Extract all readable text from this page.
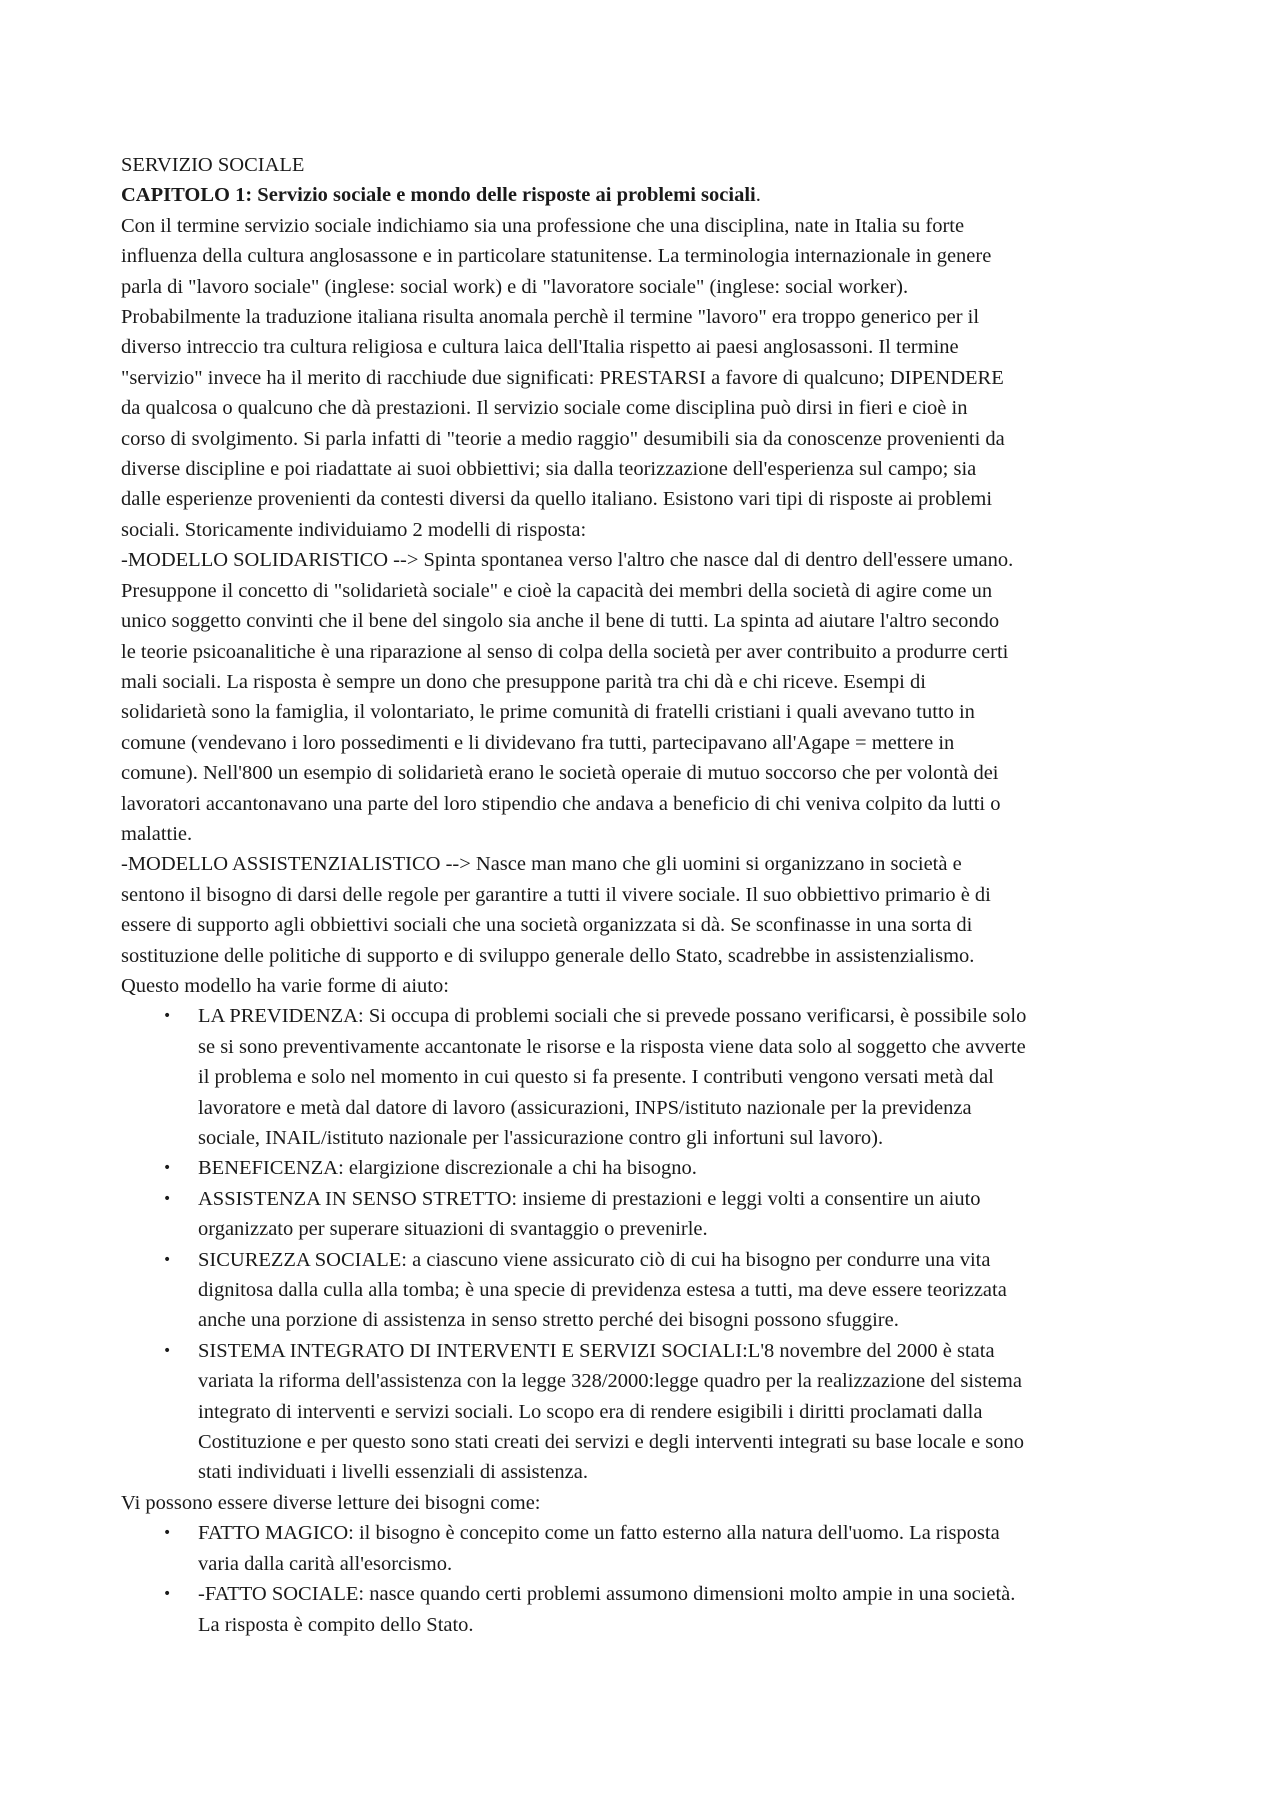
SERVIZIO SOCIALE
CAPITOLO 1: Servizio sociale e mondo delle risposte ai problemi sociali.
Con il termine servizio sociale indichiamo sia una professione che una disciplina, nate in Italia su forte
influenza della cultura anglosassone e in particolare statunitense. La terminologia internazionale in genere
parla di "lavoro sociale" (inglese: social work) e di "lavoratore sociale" (inglese: social worker).
Probabilmente la traduzione italiana risulta anomala perchè il termine "lavoro" era troppo generico per il
diverso intreccio tra cultura religiosa e cultura laica dell'Italia rispetto ai paesi anglosassoni. Il termine
"servizio" invece ha il merito di racchiude due significati: PRESTARSI a favore di qualcuno; DIPENDERE
da qualcosa o qualcuno che dà prestazioni. Il servizio sociale come disciplina può dirsi in fieri e cioè in
corso di svolgimento. Si parla infatti di "teorie a medio raggio" desumibili sia da conoscenze provenienti da
diverse discipline e poi riadattate ai suoi obbiettivi; sia dalla teorizzazione dell'esperienza sul campo; sia
dalle esperienze provenienti da contesti diversi da quello italiano. Esistono vari tipi di risposte ai problemi
sociali. Storicamente individuiamo 2 modelli di risposta:
-MODELLO SOLIDARISTICO --> Spinta spontanea verso l'altro che nasce dal di dentro dell'essere umano.
Presuppone il concetto di "solidarietà sociale" e cioè la capacità dei membri della società di agire come un
unico soggetto convinti che il bene del singolo sia anche il bene di tutti. La spinta ad aiutare l'altro secondo
le teorie psicoanalitiche è una riparazione al senso di colpa della società per aver contribuito a produrre certi
mali sociali. La risposta è sempre un dono che presuppone parità tra chi dà e chi riceve. Esempi di
solidarietà sono la famiglia, il volontariato, le prime comunità di fratelli cristiani i quali avevano tutto in
comune (vendevano i loro possedimenti e li dividevano fra tutti, partecipavano all'Agape = mettere in
comune). Nell'800 un esempio di solidarietà erano le società operaie di mutuo soccorso che per volontà dei
lavoratori accantonavano una parte del loro stipendio che andava a beneficio di chi veniva colpito da lutti o
malattie.
-MODELLO ASSISTENZIALISTICO --> Nasce man mano che gli uomini si organizzano in società e
sentono il bisogno di darsi delle regole per garantire a tutti il vivere sociale. Il suo obbiettivo primario è di
essere di supporto agli obbiettivi sociali che una società organizzata si dà. Se sconfinasse in una sorta di
sostituzione delle politiche di supporto e di sviluppo generale dello Stato, scadrebbe in assistenzialismo.
Questo modello ha varie forme di aiuto:
• LA PREVIDENZA: Si occupa di problemi sociali che si prevede possano verificarsi, è possibile solo
se si sono preventivamente accantonate le risorse e la risposta viene data solo al soggetto che avverte
il problema e solo nel momento in cui questo si fa presente. I contributi vengono versati metà dal
lavoratore e metà dal datore di lavoro (assicurazioni, INPS/istituto nazionale per la previdenza
sociale, INAIL/istituto nazionale per l'assicurazione contro gli infortuni sul lavoro).
• BENEFICENZA: elargizione discrezionale a chi ha bisogno.
• ASSISTENZA IN SENSO STRETTO: insieme di prestazioni e leggi volti a consentire un aiuto
organizzato per superare situazioni di svantaggio o prevenirle.
• SICUREZZA SOCIALE: a ciascuno viene assicurato ciò di cui ha bisogno per condurre una vita
dignitosa dalla culla alla tomba; è una specie di previdenza estesa a tutti, ma deve essere teorizzata
anche una porzione di assistenza in senso stretto perché dei bisogni possono sfuggire.
• SISTEMA INTEGRATO DI INTERVENTI E SERVIZI SOCIALI:L'8 novembre del 2000 è stata
variata la riforma dell'assistenza con la legge 328/2000:legge quadro per la realizzazione del sistema
integrato di interventi e servizi sociali. Lo scopo era di rendere esigibili i diritti proclamati dalla
Costituzione e per questo sono stati creati dei servizi e degli interventi integrati su base locale e sono
stati individuati i livelli essenziali di assistenza.
Vi possono essere diverse letture dei bisogni come:
• FATTO MAGICO: il bisogno è concepito come un fatto esterno alla natura dell'uomo. La risposta
varia dalla carità all'esorcismo.
• -FATTO SOCIALE: nasce quando certi problemi assumono dimensioni molto ampie in una società.
La risposta è compito dello Stato.
